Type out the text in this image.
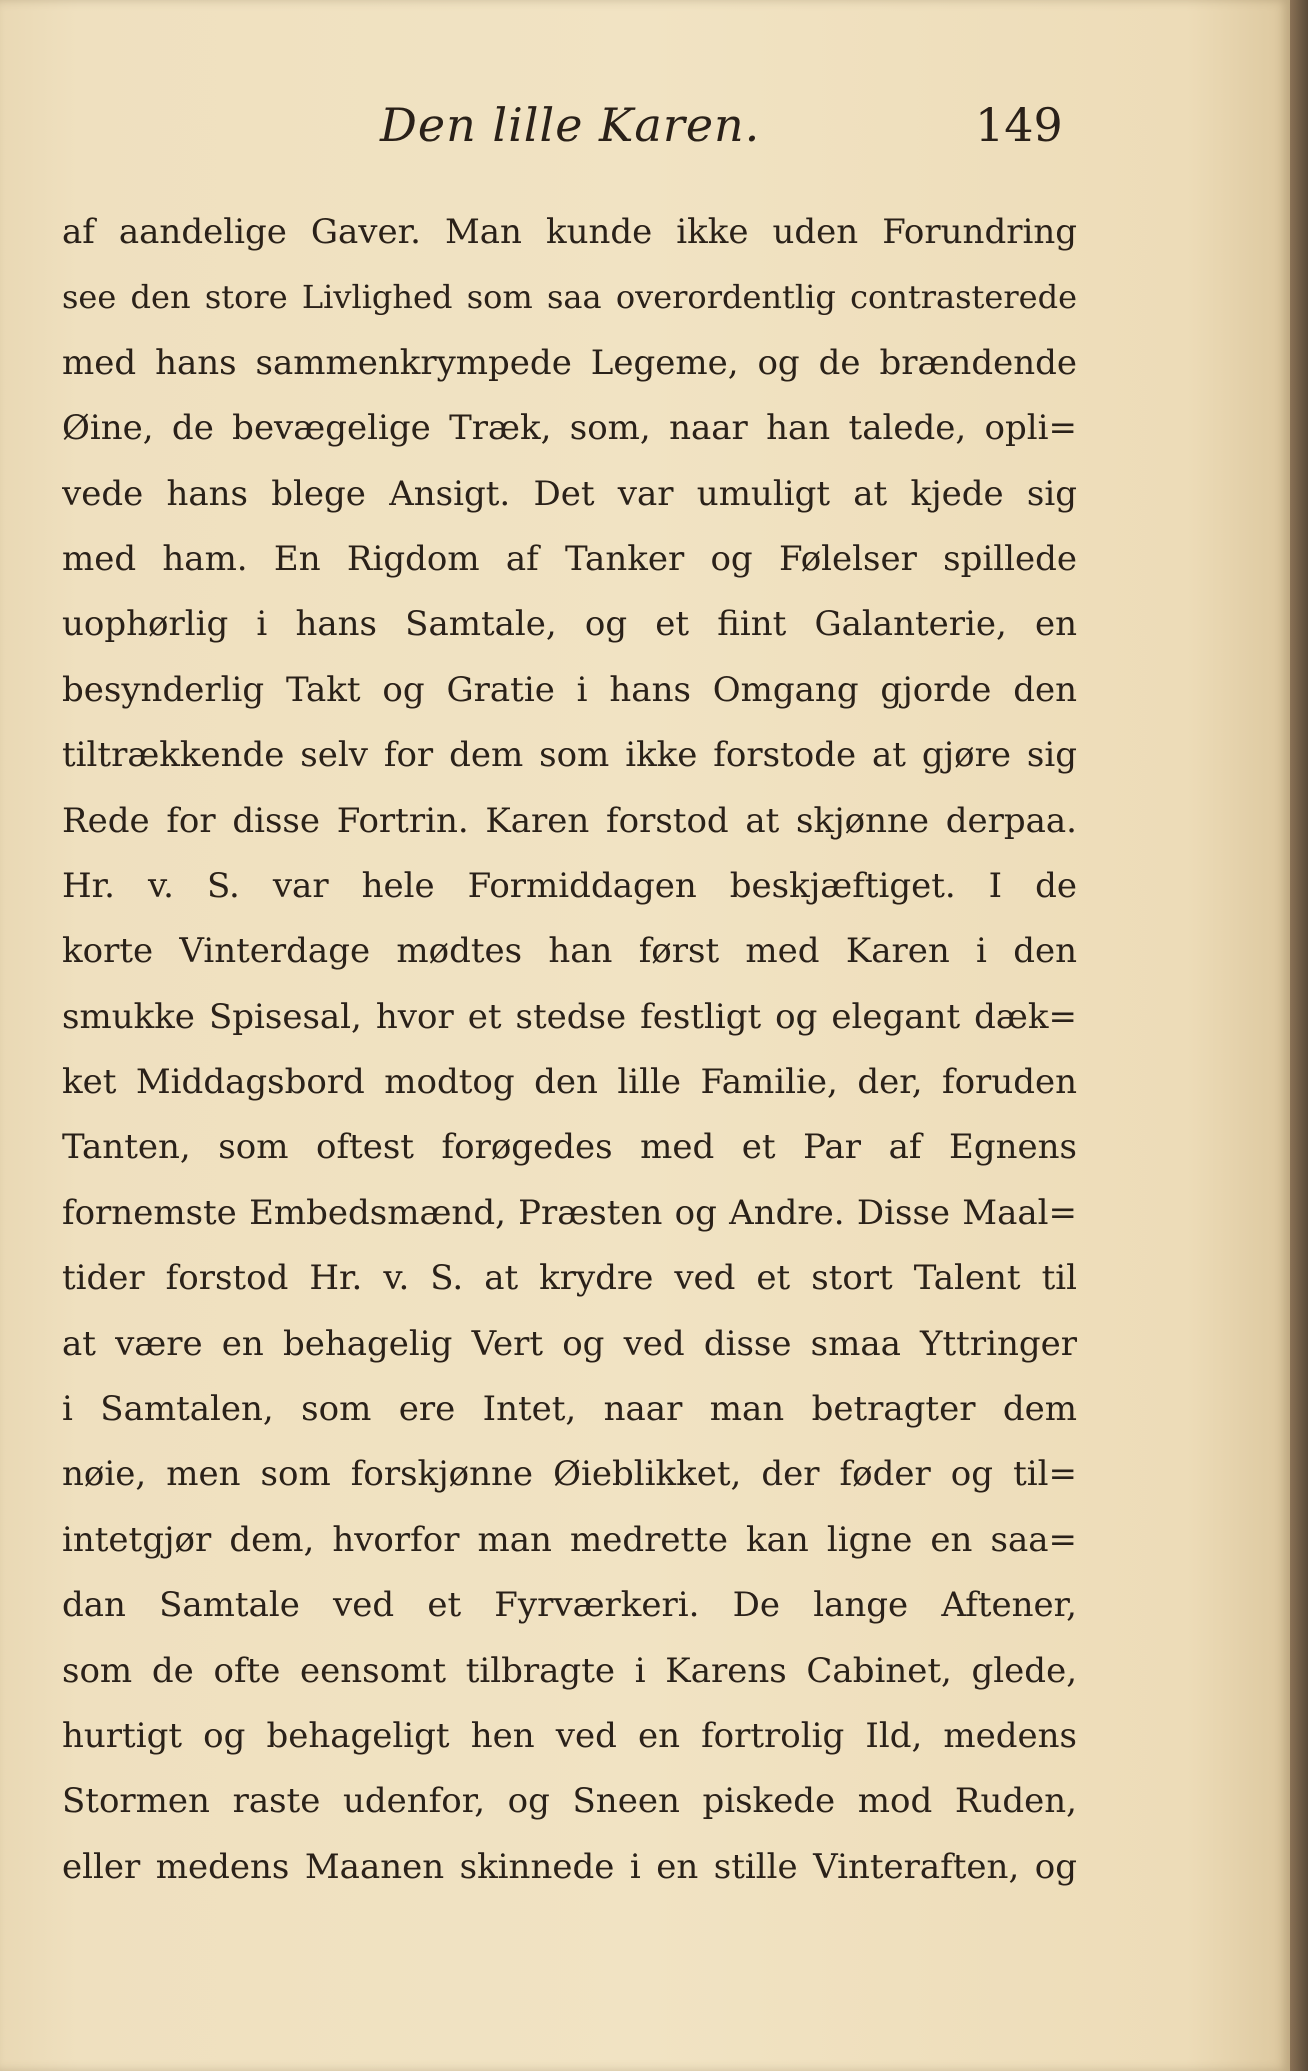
Den lille Karen.	149
af aandelige Gaver. Man kunde ikke uden Forundring
see den store Livlighed som saa overordentlig contrasterede
med hans sammenkrympede Legeme, og de brændende
Øine, de bevægelige Træk, som, naar han talede, opli=
vede hans blege Ansigt. Det var umuligt at kjede sig
med ham. En Rigdom af Tanker og Følelser spillede
uophørlig i hans Samtale, og et fiint Galanterie, en
besynderlig Takt og Gratie i hans Omgang gjorde den
tiltrækkende selv for dem som ikke forstode at gjøre sig
Rede for disse Fortrin. Karen forstod at skjønne derpaa.
Hr. v. S. var hele Formiddagen beskjæftiget. I de
korte Vinterdage mødtes han først med Karen i den
smukke Spisesal, hvor et stedse festligt og elegant dæk=
ket Middagsbord modtog den lille Familie, der, foruden
Tanten, som oftest forøgedes med et Par af Egnens
fornemste Embedsmænd, Præsten og Andre. Disse Maal=
tider forstod Hr. v. S. at krydre ved et stort Talent til
at være en behagelig Vert og ved disse smaa Yttringer
i Samtalen, som ere Intet, naar man betragter dem
nøie, men som forskjønne Øieblikket, der føder og til=
intetgjør dem, hvorfor man medrette kan ligne en saa=
dan Samtale ved et Fyrværkeri. De lange Aftener,
som de ofte eensomt tilbragte i Karens Cabinet, glede,
hurtigt og behageligt hen ved en fortrolig Ild, medens
Stormen raste udenfor, og Sneen piskede mod Ruden,
eller medens Maanen skinnede i en stille Vinteraften, og
